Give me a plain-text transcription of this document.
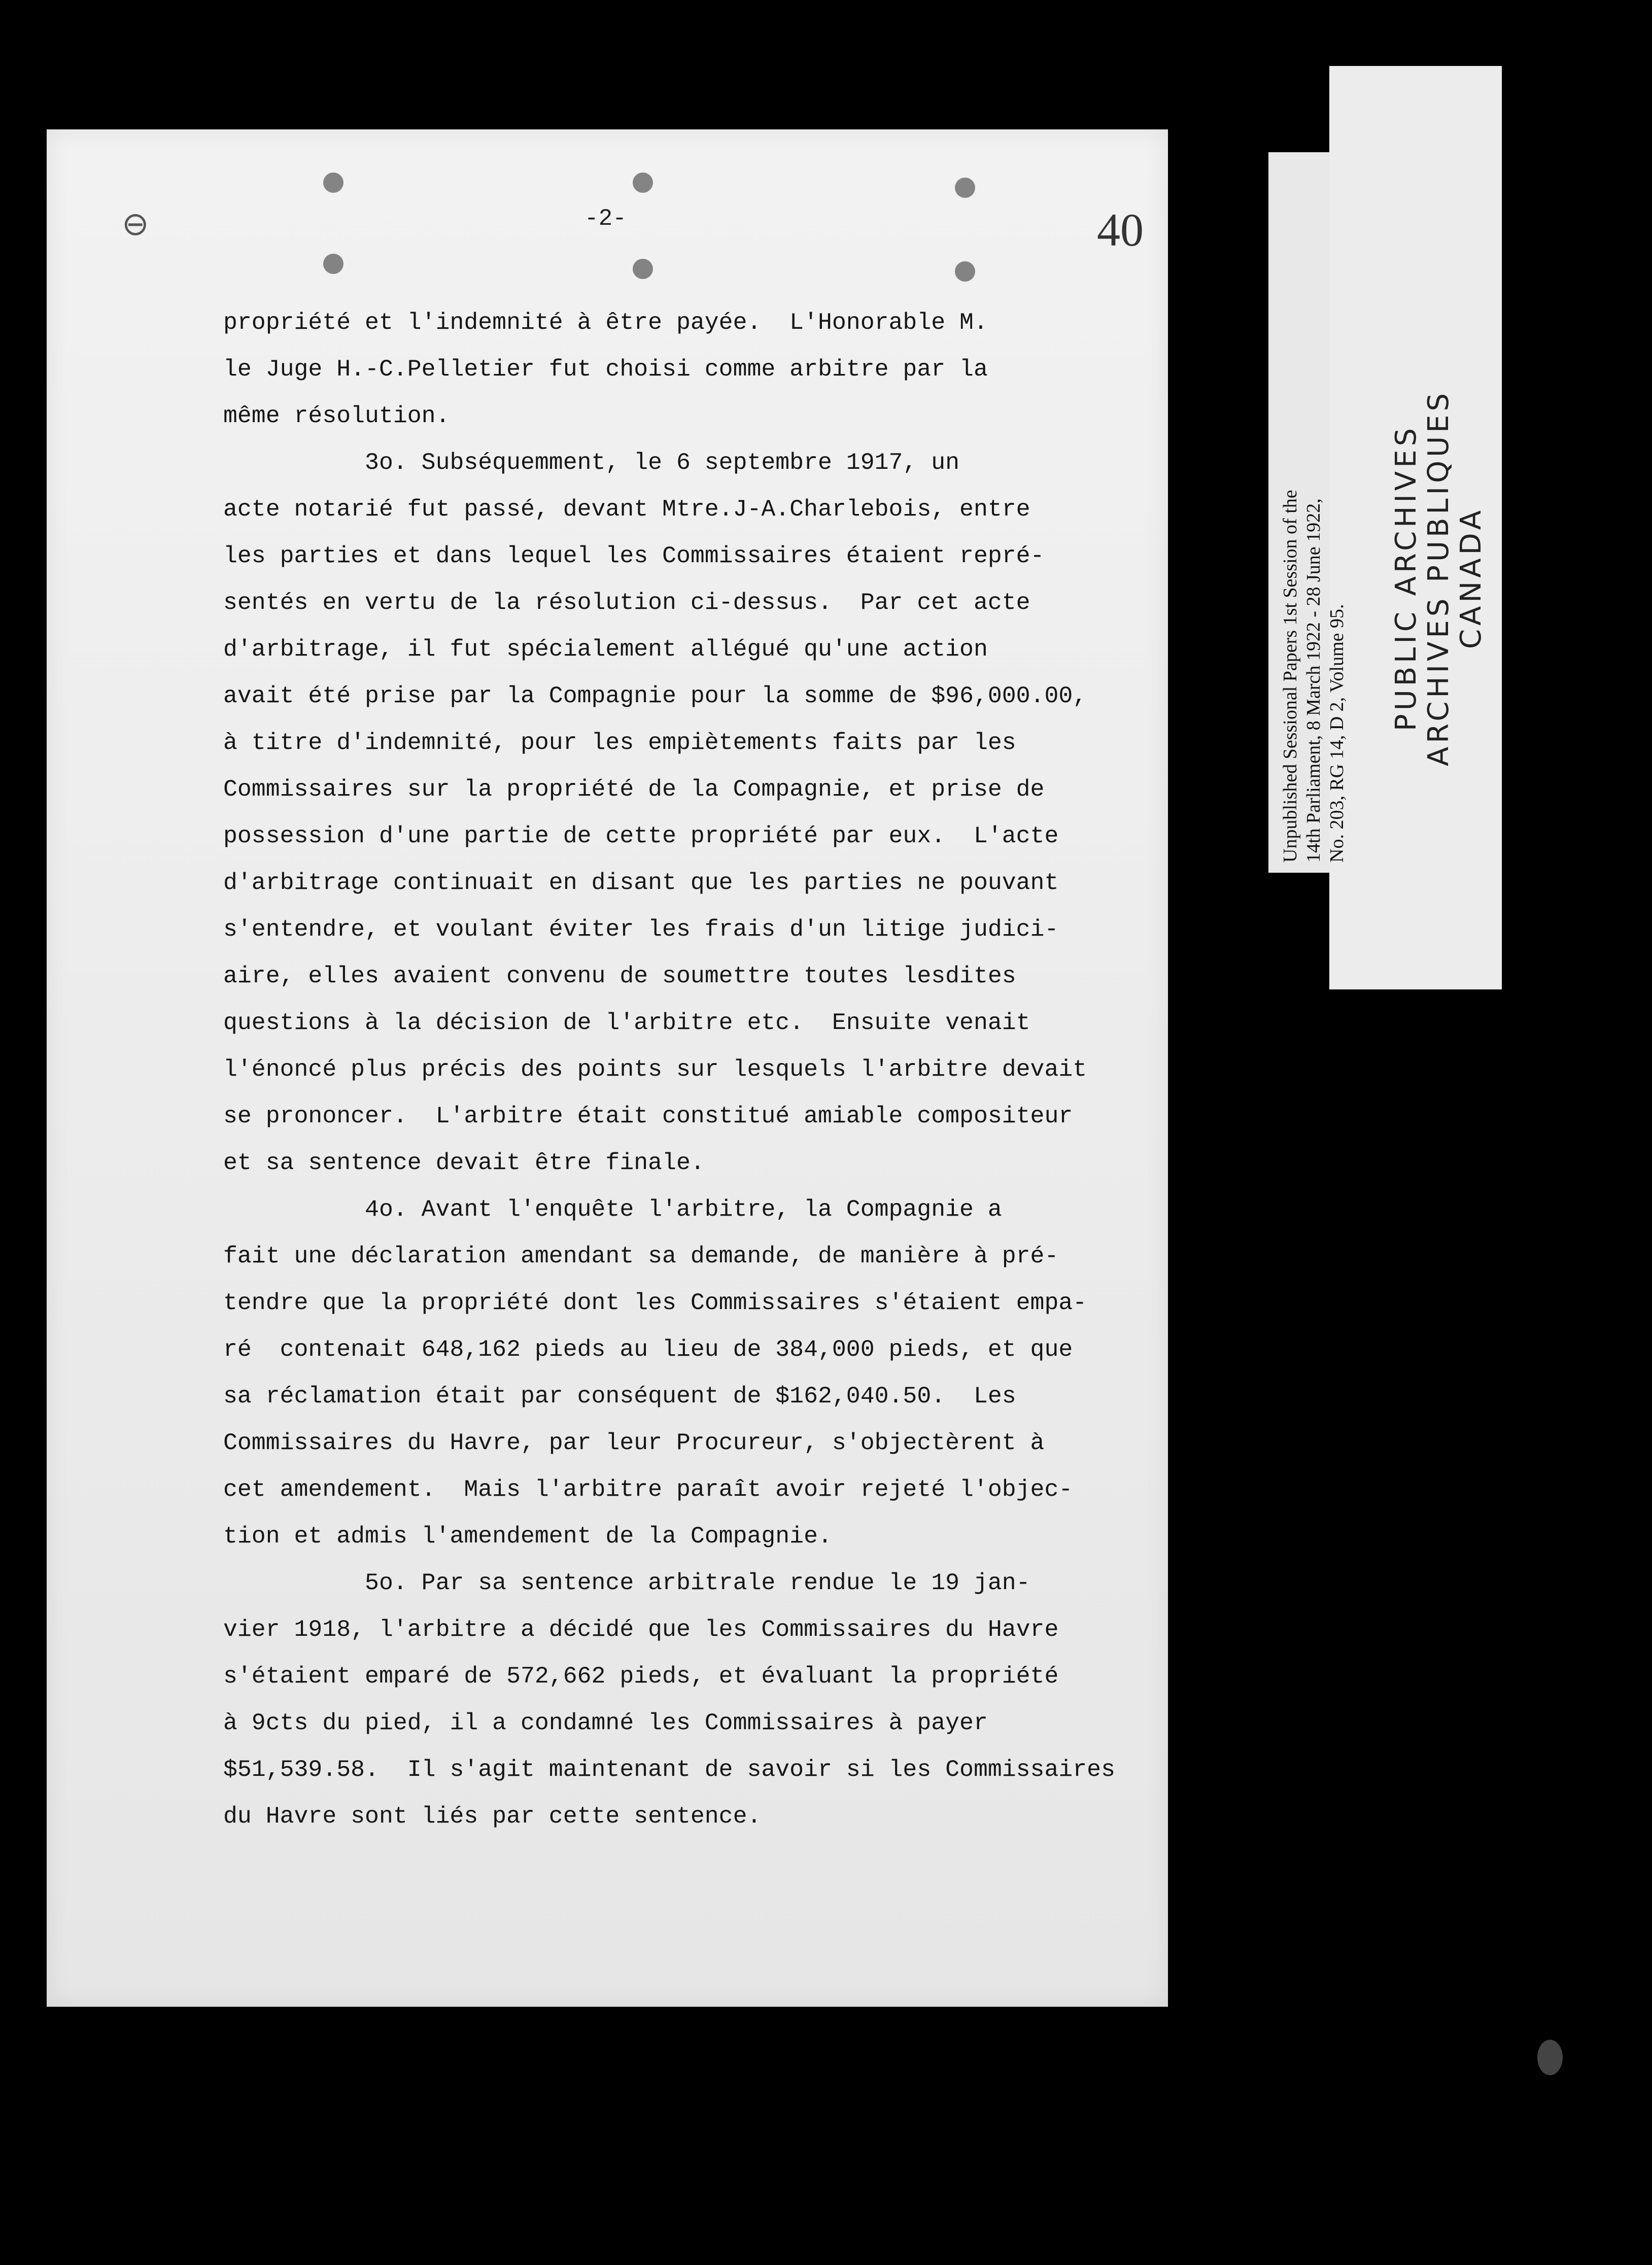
⊖	-2-	40
propriété et l'indemnité à être payée.  L'Honorable M.
le Juge H.-C.Pelletier fut choisi comme arbitre par la
même résolution.
3o. Subséquemment, le 6 septembre 1917, un
acte notarié fut passé, devant Mtre.J-A.Charlebois, entre
les parties et dans lequel les Commissaires étaient repré-
sentés en vertu de la résolution ci-dessus.  Par cet acte
d'arbitrage, il fut spécialement allégué qu'une action
avait été prise par la Compagnie pour la somme de $96,000.00,
à titre d'indemnité, pour les empiètements faits par les
Commissaires sur la propriété de la Compagnie, et prise de
possession d'une partie de cette propriété par eux.  L'acte
d'arbitrage continuait en disant que les parties ne pouvant
s'entendre, et voulant éviter les frais d'un litige judici-
aire, elles avaient convenu de soumettre toutes lesdites
questions à la décision de l'arbitre etc.  Ensuite venait
l'énoncé plus précis des points sur lesquels l'arbitre devait
se prononcer.  L'arbitre était constitué amiable compositeur
et sa sentence devait être finale.
4o. Avant l'enquête l'arbitre, la Compagnie a
fait une déclaration amendant sa demande, de manière à pré-
tendre que la propriété dont les Commissaires s'étaient empa-
ré  contenait 648,162 pieds au lieu de 384,000 pieds, et que
sa réclamation était par conséquent de $162,040.50.  Les
Commissaires du Havre, par leur Procureur, s'objectèrent à
cet amendement.  Mais l'arbitre paraît avoir rejeté l'objec-
tion et admis l'amendement de la Compagnie.
5o. Par sa sentence arbitrale rendue le 19 jan-
vier 1918, l'arbitre a décidé que les Commissaires du Havre
s'étaient emparé de 572,662 pieds, et évaluant la propriété
à 9cts du pied, il a condamné les Commissaires à payer
$51,539.58.  Il s'agit maintenant de savoir si les Commissaires
du Havre sont liés par cette sentence.
Unpublished Sessional Papers 1st Session of the 14th Parliament, 8 March 1922 - 28 June 1922, No. 203, RG 14, D 2, Volume 95.
PUBLIC ARCHIVES ARCHIVES PUBLIQUES CANADA
